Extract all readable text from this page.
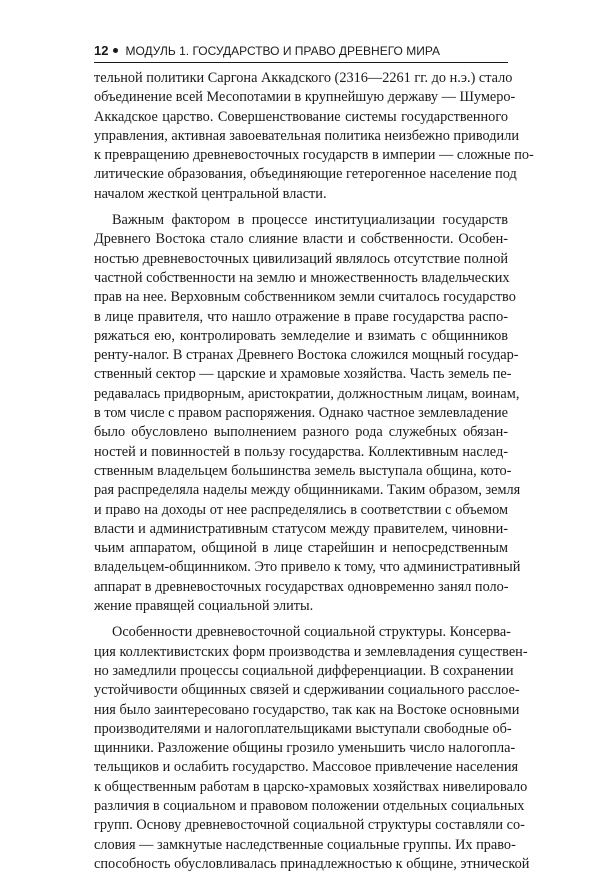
12 МОДУЛЬ 1. ГОСУДАРСТВО И ПРАВО ДРЕВНЕГО МИРА
тельной политики Саргона Аккадского (2316—2261 гг. до н.э.) стало
объединение всей Месопотамии в крупнейшую державу — Шумеро-
Аккадское царство. Совершенствование системы государственного
управления, активная завоевательная политика неизбежно приводили
к превращению древневосточных государств в империи — сложные по-
литические образования, объединяющие гетерогенное население под
началом жесткой центральной власти.
Важным фактором в процессе институциализации государств
Древнего Востока стало слияние власти и собственности. Особен-
ностью древневосточных цивилизаций являлось отсутствие полной
частной собственности на землю и множественность владельческих
прав на нее. Верховным собственником земли считалось государство
в лице правителя, что нашло отражение в праве государства распо-
ряжаться ею, контролировать земледелие и взимать с общинников
ренту-налог. В странах Древнего Востока сложился мощный государ-
ственный сектор — царские и храмовые хозяйства. Часть земель пе-
редавалась придворным, аристократии, должностным лицам, воинам,
в том числе с правом распоряжения. Однако частное землевладение
было обусловлено выполнением разного рода служебных обязан-
ностей и повинностей в пользу государства. Коллективным наслед-
ственным владельцем большинства земель выступала община, кото-
рая распределяла наделы между общинниками. Таким образом, земля
и право на доходы от нее распределялись в соответствии с объемом
власти и административным статусом между правителем, чиновни-
чьим аппаратом, общиной в лице старейшин и непосредственным
владельцем-общинником. Это привело к тому, что административный
аппарат в древневосточных государствах одновременно занял поло-
жение правящей социальной элиты.
Особенности древневосточной социальной структуры. Консерва-
ция коллективистских форм производства и землевладения существен-
но замедлили процессы социальной дифференциации. В сохранении
устойчивости общинных связей и сдерживании социального расслое-
ния было заинтересовано государство, так как на Востоке основными
производителями и налогоплательщиками выступали свободные об-
щинники. Разложение общины грозило уменьшить число налогопла-
тельщиков и ослабить государство. Массовое привлечение населения
к общественным работам в царско-храмовых хозяйствах нивелировало
различия в социальном и правовом положении отдельных социальных
групп. Основу древневосточной социальной структуры составляли со-
словия — замкнутые наследственные социальные группы. Их право-
способность обусловливалась принадлежностью к общине, этнической
